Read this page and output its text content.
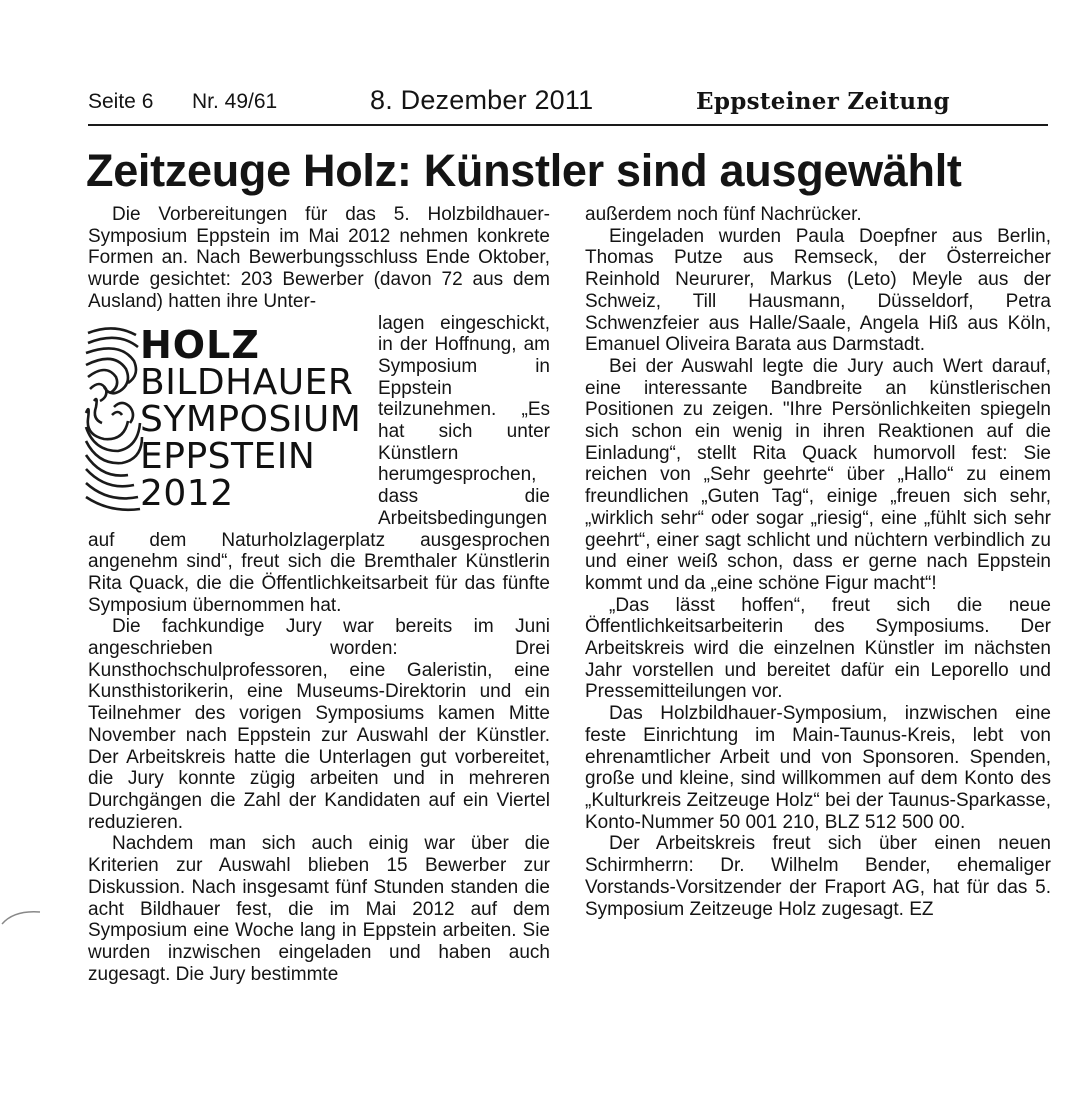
Seite 6 Nr. 49/61	8. Dezember 2011	Eppsteiner Zeitung
Zeitzeuge Holz: Künstler sind ausgewählt

Die Vorbereitungen für das 5. Holzbildhauer-Symposium Eppstein im Mai 2012 nehmen konkrete Formen an. Nach Bewerbungsschluss Ende Oktober, wurde gesichtet: 203 Bewerber (davon 72 aus dem Ausland) hatten ihre Unter-

HOLZ
BILDHAUER
SYMPOSIUM
EPPSTEIN
2012

lagen eingeschickt, in der Hoffnung, am Symposium in Eppstein teilzunehmen. „Es hat sich unter Künstlern herumgesprochen, dass die Arbeitsbedingungen auf dem Naturholzlagerplatz ausgesprochen angenehm sind“, freut sich die Bremthaler Künstlerin Rita Quack, die die Öffentlichkeitsarbeit für das fünfte Symposium übernommen hat.

Die fachkundige Jury war bereits im Juni angeschrieben worden: Drei Kunsthochschulprofessoren, eine Galeristin, eine Kunsthistorikerin, eine Museums-Direktorin und ein Teilnehmer des vorigen Symposiums kamen Mitte November nach Eppstein zur Auswahl der Künstler. Der Arbeitskreis hatte die Unterlagen gut vorbereitet, die Jury konnte zügig arbeiten und in mehreren Durchgängen die Zahl der Kandidaten auf ein Viertel reduzieren.

Nachdem man sich auch einig war über die Kriterien zur Auswahl blieben 15 Bewerber zur Diskussion. Nach insgesamt fünf Stunden standen die acht Bildhauer fest, die im Mai 2012 auf dem Symposium eine Woche lang in Eppstein arbeiten. Sie wurden inzwischen eingeladen und haben auch zugesagt. Die Jury bestimmte

außerdem noch fünf Nachrücker.

Eingeladen wurden Paula Doepfner aus Berlin, Thomas Putze aus Remseck, der Österreicher Reinhold Neururer, Markus (Leto) Meyle aus der Schweiz, Till Hausmann, Düsseldorf, Petra Schwenzfeier aus Halle/Saale, Angela Hiß aus Köln, Emanuel Oliveira Barata aus Darmstadt.

Bei der Auswahl legte die Jury auch Wert darauf, eine interessante Bandbreite an künstlerischen Positionen zu zeigen. "Ihre Persönlichkeiten spiegeln sich schon ein wenig in ihren Reaktionen auf die Einladung“, stellt Rita Quack humorvoll fest: Sie reichen von „Sehr geehrte“ über „Hallo“ zu einem freundlichen „Guten Tag“, einige „freuen sich sehr, „wirklich sehr“ oder sogar „riesig“, eine „fühlt sich sehr geehrt“, einer sagt schlicht und nüchtern verbindlich zu und einer weiß schon, dass er gerne nach Eppstein kommt und da „eine schöne Figur macht“!

„Das lässt hoffen“, freut sich die neue Öffentlichkeitsarbeiterin des Symposiums. Der Arbeitskreis wird die einzelnen Künstler im nächsten Jahr vorstellen und bereitet dafür ein Leporello und Pressemitteilungen vor.

Das Holzbildhauer-Symposium, inzwischen eine feste Einrichtung im Main-Taunus-Kreis, lebt von ehrenamtlicher Arbeit und von Sponsoren. Spenden, große und kleine, sind willkommen auf dem Konto des „Kulturkreis Zeitzeuge Holz“ bei der Taunus-Sparkasse, Konto-Nummer 50 001 210, BLZ 512 500 00.

Der Arbeitskreis freut sich über einen neuen Schirmherrn: Dr. Wilhelm Bender, ehemaliger Vorstands-Vorsitzender der Fraport AG, hat für das 5. Symposium Zeitzeuge Holz zugesagt. EZ
